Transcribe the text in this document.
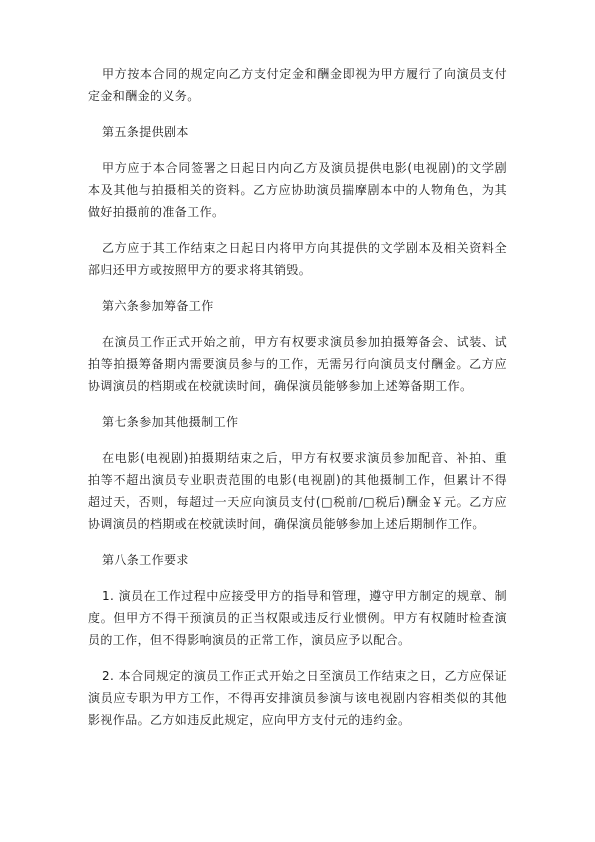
甲方按本合同的规定向乙方支付定金和酬金即视为甲方履行了向演员支付定金和酬金的义务。

第五条提供剧本

甲方应于本合同签署之日起日内向乙方及演员提供电影(电视剧)的文学剧本及其他与拍摄相关的资料。乙方应协助演员揣摩剧本中的人物角色，为其做好拍摄前的准备工作。

乙方应于其工作结束之日起日内将甲方向其提供的文学剧本及相关资料全部归还甲方或按照甲方的要求将其销毁。

第六条参加筹备工作

在演员工作正式开始之前，甲方有权要求演员参加拍摄筹备会、试装、试拍等拍摄筹备期内需要演员参与的工作，无需另行向演员支付酬金。乙方应协调演员的档期或在校就读时间，确保演员能够参加上述筹备期工作。

第七条参加其他摄制工作

在电影(电视剧)拍摄期结束之后，甲方有权要求演员参加配音、补拍、重拍等不超出演员专业职责范围的电影(电视剧)的其他摄制工作，但累计不得超过天，否则，每超过一天应向演员支付(□税前/□税后)酬金￥元。乙方应协调演员的档期或在校就读时间，确保演员能够参加上述后期制作工作。

第八条工作要求

1. 演员在工作过程中应接受甲方的指导和管理，遵守甲方制定的规章、制度。但甲方不得干预演员的正当权限或违反行业惯例。甲方有权随时检查演员的工作，但不得影响演员的正常工作，演员应予以配合。

2. 本合同规定的演员工作正式开始之日至演员工作结束之日，乙方应保证演员应专职为甲方工作，不得再安排演员参演与该电视剧内容相类似的其他影视作品。乙方如违反此规定，应向甲方支付元的违约金。
